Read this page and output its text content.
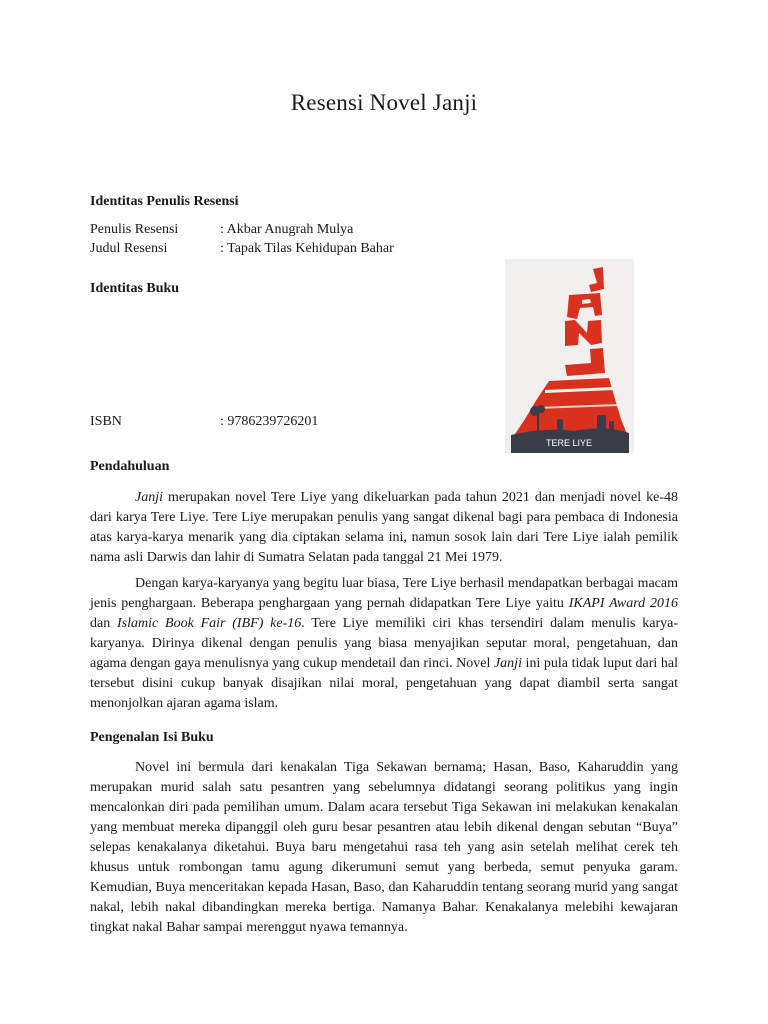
Resensi Novel Janji
Identitas Penulis Resensi
Penulis Resensi	: Akbar Anugrah Mulya
Judul Resensi	: Tapak Tilas Kehidupan Bahar
Identitas Buku
ISBN	: 9786239726201
TERE LIYE
Pendahuluan

Janji merupakan novel Tere Liye yang dikeluarkan pada tahun 2021 dan menjadi novel ke-48 dari karya Tere Liye. Tere Liye merupakan penulis yang sangat dikenal bagi para pembaca di Indonesia atas karya-karya menarik yang dia ciptakan selama ini, namun sosok lain dari Tere Liye ialah pemilik nama asli Darwis dan lahir di Sumatra Selatan pada tanggal 21 Mei 1979.

Dengan karya-karyanya yang begitu luar biasa, Tere Liye berhasil mendapatkan berbagai macam jenis penghargaan. Beberapa penghargaan yang pernah didapatkan Tere Liye yaitu IKAPI Award 2016 dan Islamic Book Fair (IBF) ke-16. Tere Liye memiliki ciri khas tersendiri dalam menulis karya-karyanya. Dirinya dikenal dengan penulis yang biasa menyajikan seputar moral, pengetahuan, dan agama dengan gaya menulisnya yang cukup mendetail dan rinci. Novel Janji ini pula tidak luput dari hal tersebut disini cukup banyak disajikan nilai moral, pengetahuan yang dapat diambil serta sangat menonjolkan ajaran agama islam.

Pengenalan Isi Buku

Novel ini bermula dari kenakalan Tiga Sekawan bernama; Hasan, Baso, Kaharuddin yang merupakan murid salah satu pesantren yang sebelumnya didatangi seorang politikus yang ingin mencalonkan diri pada pemilihan umum. Dalam acara tersebut Tiga Sekawan ini melakukan kenakalan yang membuat mereka dipanggil oleh guru besar pesantren atau lebih dikenal dengan sebutan “Buya” selepas kenakalanya diketahui. Buya baru mengetahui rasa teh yang asin setelah melihat cerek teh khusus untuk rombongan tamu agung dikerumuni semut yang berbeda, semut penyuka garam. Kemudian, Buya menceritakan kepada Hasan, Baso, dan Kaharuddin tentang seorang murid yang sangat nakal, lebih nakal dibandingkan mereka bertiga. Namanya Bahar. Kenakalanya melebihi kewajaran tingkat nakal Bahar sampai merenggut nyawa temannya.
